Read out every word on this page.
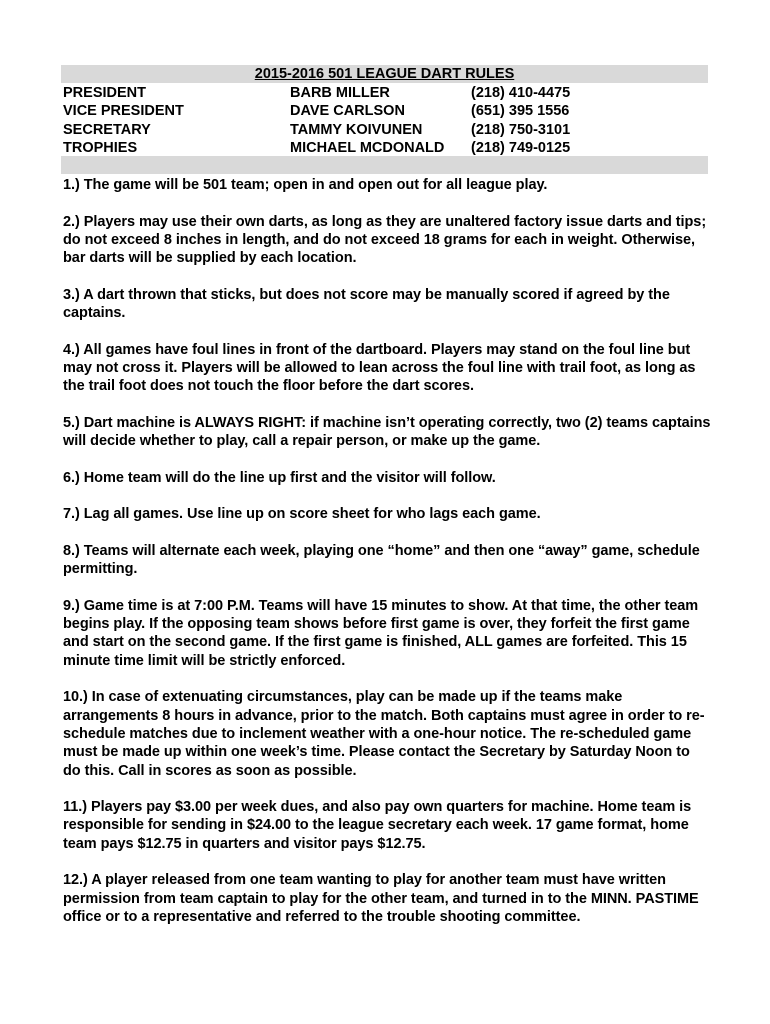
2015-2016 501 LEAGUE DART RULES
PRESIDENT	BARB MILLER	(218) 410-4475
VICE PRESIDENT	DAVE CARLSON	(651) 395 1556
SECRETARY	TAMMY KOIVUNEN	(218) 750-3101
TROPHIES	MICHAEL MCDONALD (218) 749-0125

1.) The game will be 501 team; open in and open out for all league play.

2.) Players may use their own darts, as long as they are unaltered factory issue darts and tips; do not exceed 8 inches in length, and do not exceed 18 grams for each in weight. Otherwise, bar darts will be supplied by each location.

3.) A dart thrown that sticks, but does not score may be manually scored if agreed by the captains.

4.) All games have foul lines in front of the dartboard. Players may stand on the foul line but may not cross it. Players will be allowed to lean across the foul line with trail foot, as long as the trail foot does not touch the floor before the dart scores.

5.) Dart machine is ALWAYS RIGHT: if machine isn’t operating correctly, two (2) teams captains will decide whether to play, call a repair person, or make up the game.

6.) Home team will do the line up first and the visitor will follow.

7.) Lag all games. Use line up on score sheet for who lags each game.

8.) Teams will alternate each week, playing one “home” and then one “away” game, schedule permitting.

9.) Game time is at 7:00 P.M. Teams will have 15 minutes to show. At that time, the other team begins play. If the opposing team shows before first game is over, they forfeit the first game and start on the second game. If the first game is finished, ALL games are forfeited. This 15 minute time limit will be strictly enforced.

10.) In case of extenuating circumstances, play can be made up if the teams make arrangements 8 hours in advance, prior to the match. Both captains must agree in order to re-schedule matches due to inclement weather with a one-hour notice. The re-scheduled game must be made up within one week’s time. Please contact the Secretary by Saturday Noon to do this. Call in scores as soon as possible.

11.) Players pay $3.00 per week dues, and also pay own quarters for machine. Home team is responsible for sending in $24.00 to the league secretary each week. 17 game format, home team pays $12.75 in quarters and visitor pays $12.75.

12.) A player released from one team wanting to play for another team must have written permission from team captain to play for the other team, and turned in to the MINN. PASTIME office or to a representative and referred to the trouble shooting committee.
